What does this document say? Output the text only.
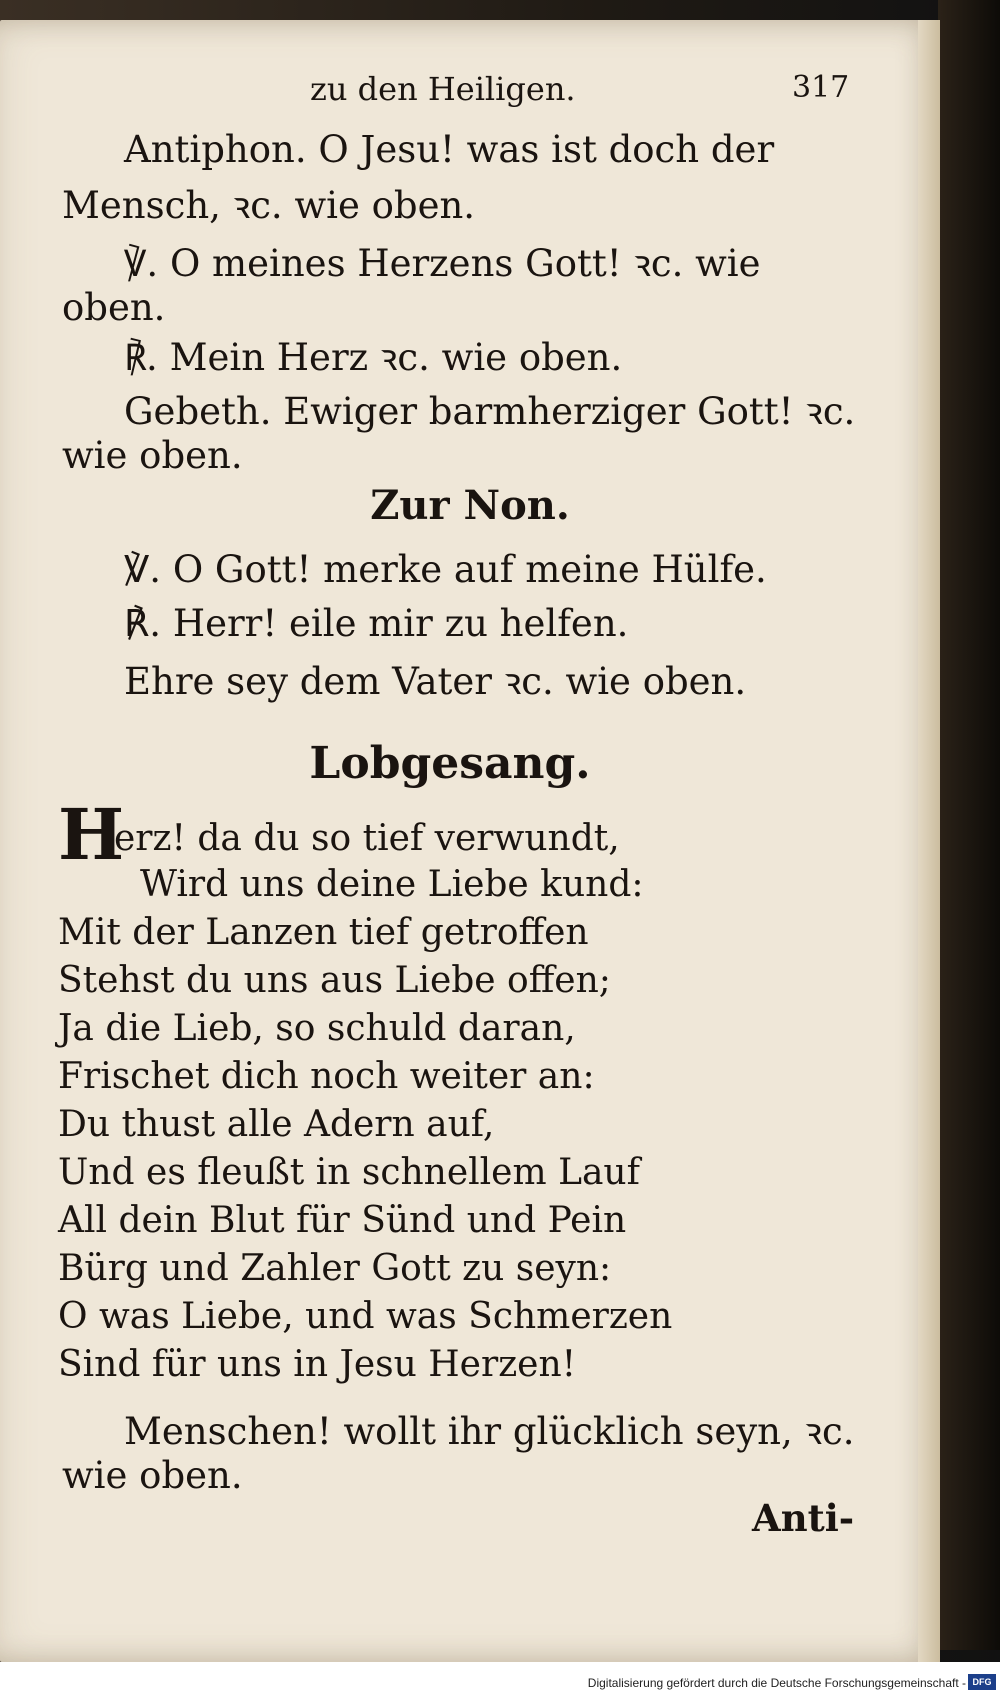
zu den Heiligen.	317
Antiphon. O Jesu! was ist doch der
Mensch, ꝛc. wie oben.
℣. O meines Herzens Gott! ꝛc. wie
oben.
℟. Mein Herz ꝛc. wie oben.
Gebeth. Ewiger barmherziger Gott! ꝛc.
wie oben.
Zur Non.
℣. O Gott! merke auf meine Hülfe.
℟. Herr! eile mir zu helfen.
Ehre sey dem Vater ꝛc. wie oben.
Lobgesang.
H
erz! da du so tief verwundt,
Wird uns deine Liebe kund:
Mit der Lanzen tief getroffen
Stehst du uns aus Liebe offen;
Ja die Lieb, so schuld daran,
Frischet dich noch weiter an:
Du thust alle Adern auf,
Und es fleußt in schnellem Lauf
All dein Blut für Sünd und Pein
Bürg und Zahler Gott zu seyn:
O was Liebe, und was Schmerzen
Sind für uns in Jesu Herzen!
Menschen! wollt ihr glücklich seyn, ꝛc.
wie oben.
Anti-
Digitalisierung gefördert durch die Deutsche Forschungsgemeinschaft - DFG
